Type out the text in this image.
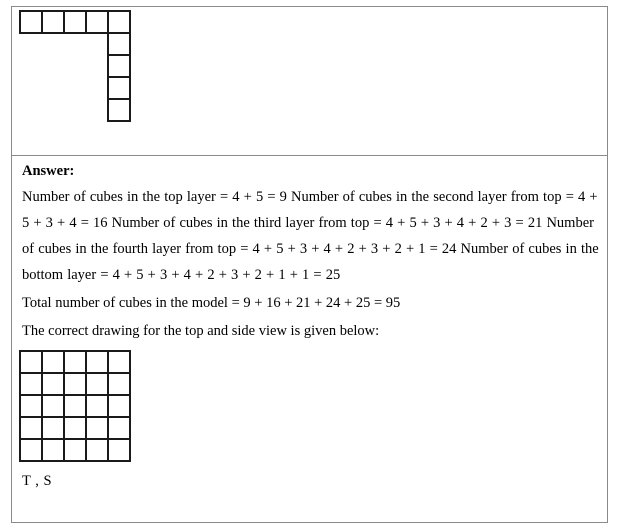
Answer:

Number of cubes in the top layer = 4 + 5 = 9 Number of cubes in the second layer from top = 4 + 5 + 3 + 4 = 16 Number of cubes in the third layer from top = 4 + 5 + 3 + 4 + 2 + 3 = 21 Number of cubes in the fourth layer from top = 4 + 5 + 3 + 4 + 2 + 3 + 2 + 1 = 24 Number of cubes in the bottom layer = 4 + 5 + 3 + 4 + 2 + 3 + 2 + 1 + 1 = 25

Total number of cubes in the model = 9 + 16 + 21 + 24 + 25 = 95

The correct drawing for the top and side view is given below:

T , S
